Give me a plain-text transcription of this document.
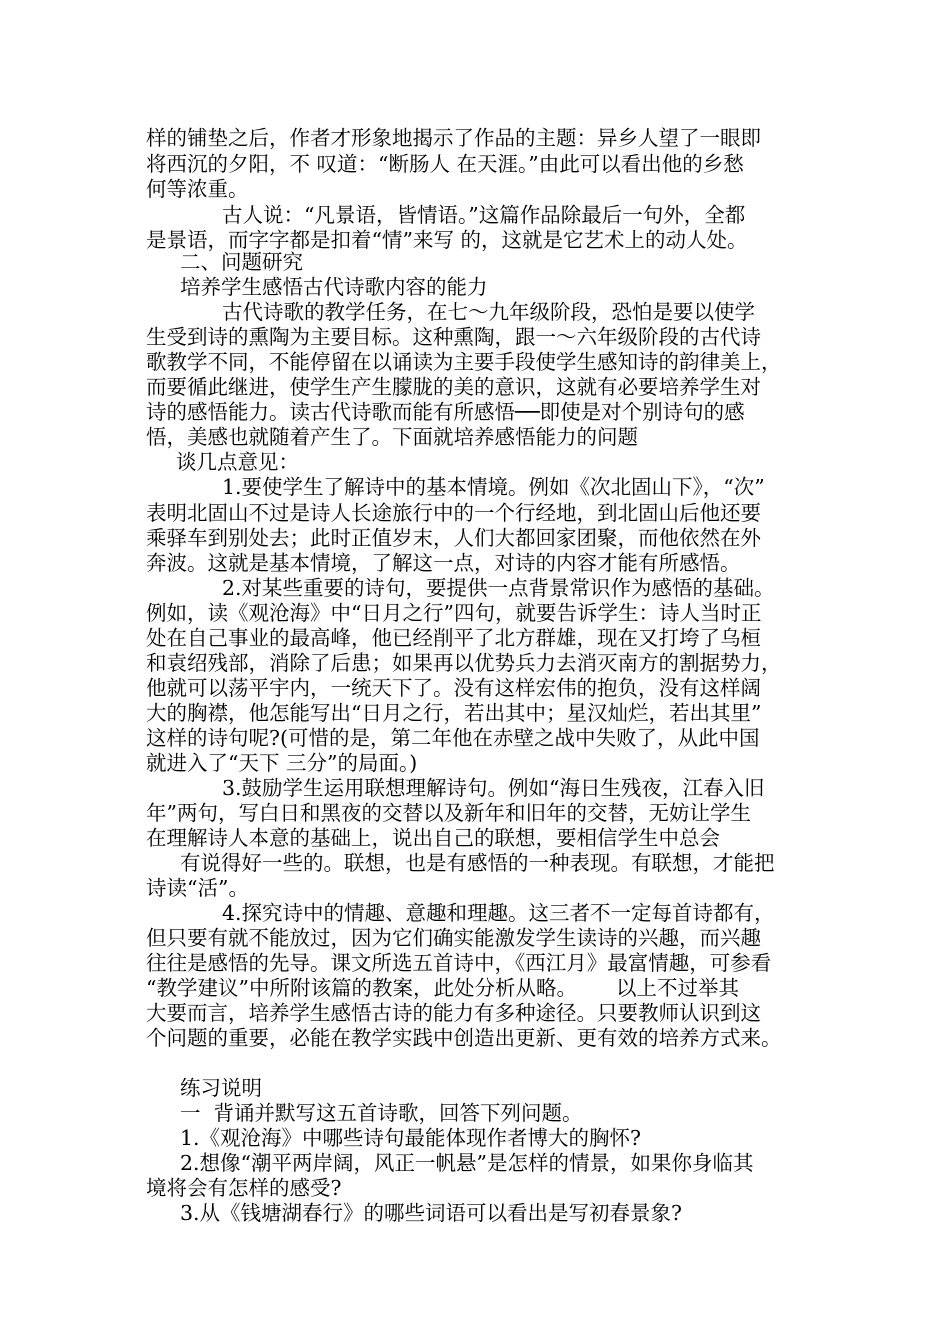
样的铺垫之后，作者才形象地揭示了作品的主题：异乡人望了一眼即
将西沉的夕阳，不 叹道：“断肠人 在天涯。”由此可以看出他的乡愁
何等浓重。
古人说：“凡景语，皆情语。”这篇作品除最后一句外，全都
是景语，而字字都是扣着“情”来写 的，这就是它艺术上的动人处。
二、问题研究
培养学生感悟古代诗歌内容的能力
古代诗歌的教学任务，在七～九年级阶段，恐怕是要以使学
生受到诗的熏陶为主要目标。这种熏陶，跟一～六年级阶段的古代诗
歌教学不同，不能停留在以诵读为主要手段使学生感知诗的韵律美上，
而要循此继进，使学生产生朦胧的美的意识，这就有必要培养学生对
诗的感悟能力。读古代诗歌而能有所感悟──即使是对个别诗句的感
悟，美感也就随着产生了。下面就培养感悟能力的问题
谈几点意见：
1.要使学生了解诗中的基本情境。例如《次北固山下》，“次”
表明北固山不过是诗人长途旅行中的一个行经地，到北固山后他还要
乘驿车到别处去；此时正值岁末，人们大都回家团聚，而他依然在外
奔波。这就是基本情境，了解这一点，对诗的内容才能有所感悟。
2.对某些重要的诗句，要提供一点背景常识作为感悟的基础。
例如，读《观沧海》中“日月之行”四句，就要告诉学生：诗人当时正
处在自己事业的最高峰，他已经削平了北方群雄，现在又打垮了乌桓
和袁绍残部，消除了后患；如果再以优势兵力去消灭南方的割据势力，
他就可以荡平宇内，一统天下了。没有这样宏伟的抱负，没有这样阔
大的胸襟，他怎能写出“日月之行，若出其中；星汉灿烂，若出其里”
这样的诗句呢?(可惜的是，第二年他在赤壁之战中失败了，从此中国
就进入了“天下 三分”的局面。)
3.鼓励学生运用联想理解诗句。例如“海日生残夜，江春入旧
年”两句，写白日和黑夜的交替以及新年和旧年的交替，无妨让学生
在理解诗人本意的基础上，说出自己的联想，要相信学生中总会
有说得好一些的。联想，也是有感悟的一种表现。有联想，才能把
诗读“活”。
4.探究诗中的情趣、意趣和理趣。这三者不一定每首诗都有，
但只要有就不能放过，因为它们确实能激发学生读诗的兴趣，而兴趣
往往是感悟的先导。课文所选五首诗中，《西江月》最富情趣，可参看
“教学建议”中所附该篇的教案，此处分析从略。      以上不过举其
大要而言，培养学生感悟古诗的能力有多种途径。只要教师认识到这
个问题的重要，必能在教学实践中创造出更新、更有效的培养方式来。
练习说明
一  背诵并默写这五首诗歌，回答下列问题。
1.《观沧海》中哪些诗句最能体现作者博大的胸怀?
2.想像“潮平两岸阔，风正一帆悬”是怎样的情景，如果你身临其
境将会有怎样的感受?
3.从《钱塘湖春行》的哪些词语可以看出是写初春景象?
